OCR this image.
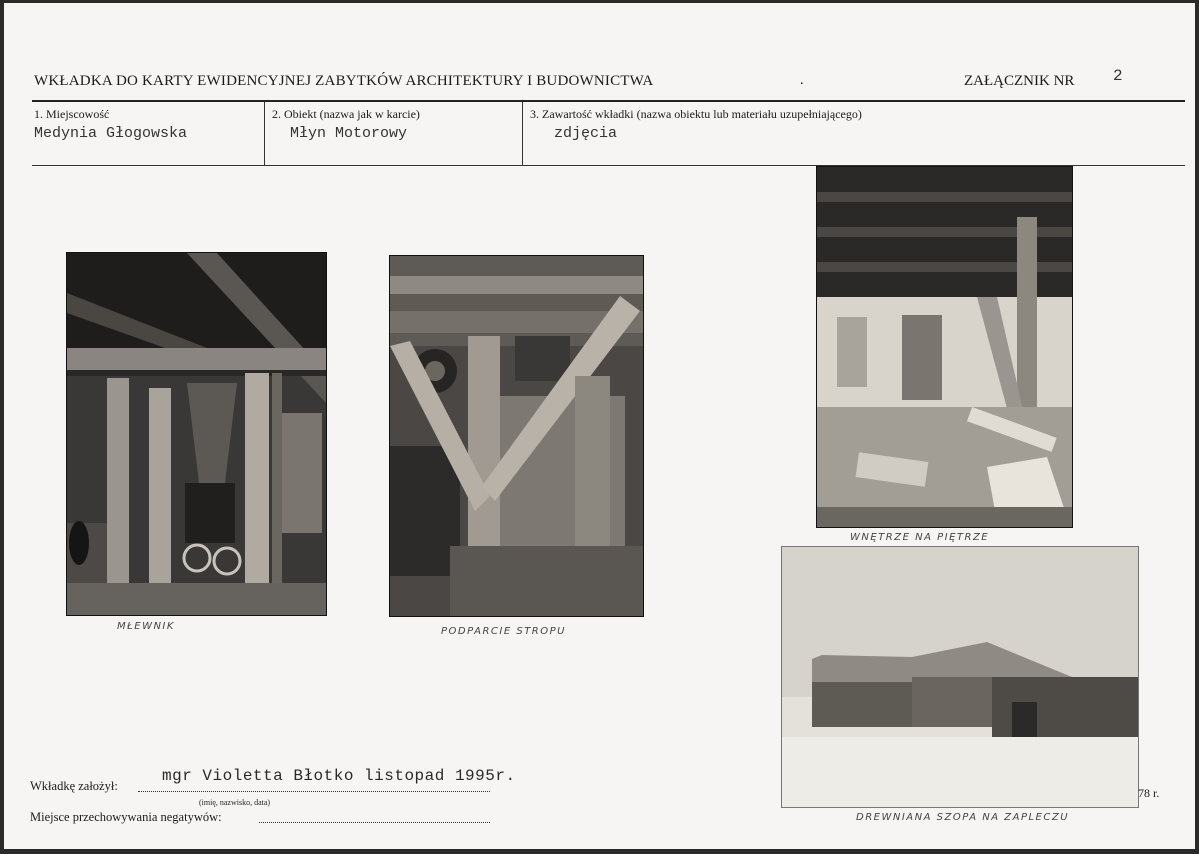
WKŁADKA DO KARTY EWIDENCYJNEJ ZABYTKÓW ARCHITEKTURY I BUDOWNICTWA	.	ZAŁĄCZNIK NR 2
1. Miejscowość
Medynia Głogowska
2. Obiekt (nazwa jak w karcie)
Młyn Motorowy
3. Zawartość wkładki (nazwa obiektu lub materiału uzupełniającego)
zdjęcia
MŁEWNIK	PODPARCIE STROPU
WNĘTRZE NA PIĘTRZE
DREWNIANA SZOPA NA ZAPLECZU
78 r.
Wkładkę założył:
mgr Violetta Błotko listopad 1995r.
(imię, nazwisko, data)
Miejsce przechowywania negatywów:
